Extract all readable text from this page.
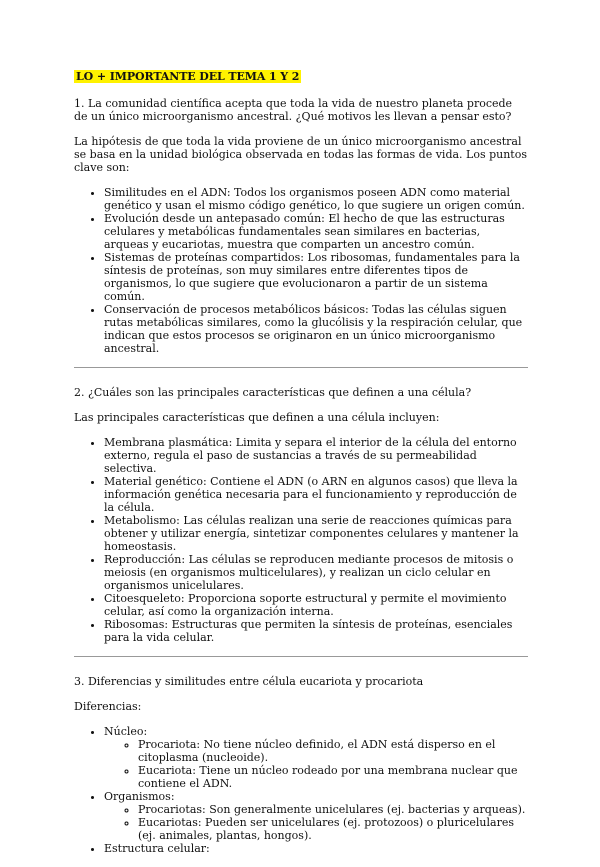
LO + IMPORTANTE DEL TEMA 1 Y 2

1. La comunidad científica acepta que toda la vida de nuestro planeta procede de un único microorganismo ancestral. ¿Qué motivos les llevan a pensar esto?

La hipótesis de que toda la vida proviene de un único microorganismo ancestral se basa en la unidad biológica observada en todas las formas de vida. Los puntos clave son:

• Similitudes en el ADN: Todos los organismos poseen ADN como material genético y usan el mismo código genético, lo que sugiere un origen común.
• Evolución desde un antepasado común: El hecho de que las estructuras celulares y metabólicas fundamentales sean similares en bacterias, arqueas y eucariotas, muestra que comparten un ancestro común.
• Sistemas de proteínas compartidos: Los ribosomas, fundamentales para la síntesis de proteínas, son muy similares entre diferentes tipos de organismos, lo que sugiere que evolucionaron a partir de un sistema común.
• Conservación de procesos metabólicos básicos: Todas las células siguen rutas metabólicas similares, como la glucólisis y la respiración celular, que indican que estos procesos se originaron en un único microorganismo ancestral.

2. ¿Cuáles son las principales características que definen a una célula?

Las principales características que definen a una célula incluyen:

• Membrana plasmática: Limita y separa el interior de la célula del entorno externo, regula el paso de sustancias a través de su permeabilidad selectiva.
• Material genético: Contiene el ADN (o ARN en algunos casos) que lleva la información genética necesaria para el funcionamiento y reproducción de la célula.
• Metabolismo: Las células realizan una serie de reacciones químicas para obtener y utilizar energía, sintetizar componentes celulares y mantener la homeostasis.
• Reproducción: Las células se reproducen mediante procesos de mitosis o meiosis (en organismos multicelulares), y realizan un ciclo celular en organismos unicelulares.
• Citoesqueleto: Proporciona soporte estructural y permite el movimiento celular, así como la organización interna.
• Ribosomas: Estructuras que permiten la síntesis de proteínas, esenciales para la vida celular.

3. Diferencias y similitudes entre célula eucariota y procariota

Diferencias:

• Núcleo:
◦ Procariota: No tiene núcleo definido, el ADN está disperso en el citoplasma (nucleoide).
◦ Eucariota: Tiene un núcleo rodeado por una membrana nuclear que contiene el ADN.
• Organismos:
◦ Procariotas: Son generalmente unicelulares (ej. bacterias y arqueas).
◦ Eucariotas: Pueden ser unicelulares (ej. protozoos) o pluricelulares (ej. animales, plantas, hongos).
• Estructura celular:
